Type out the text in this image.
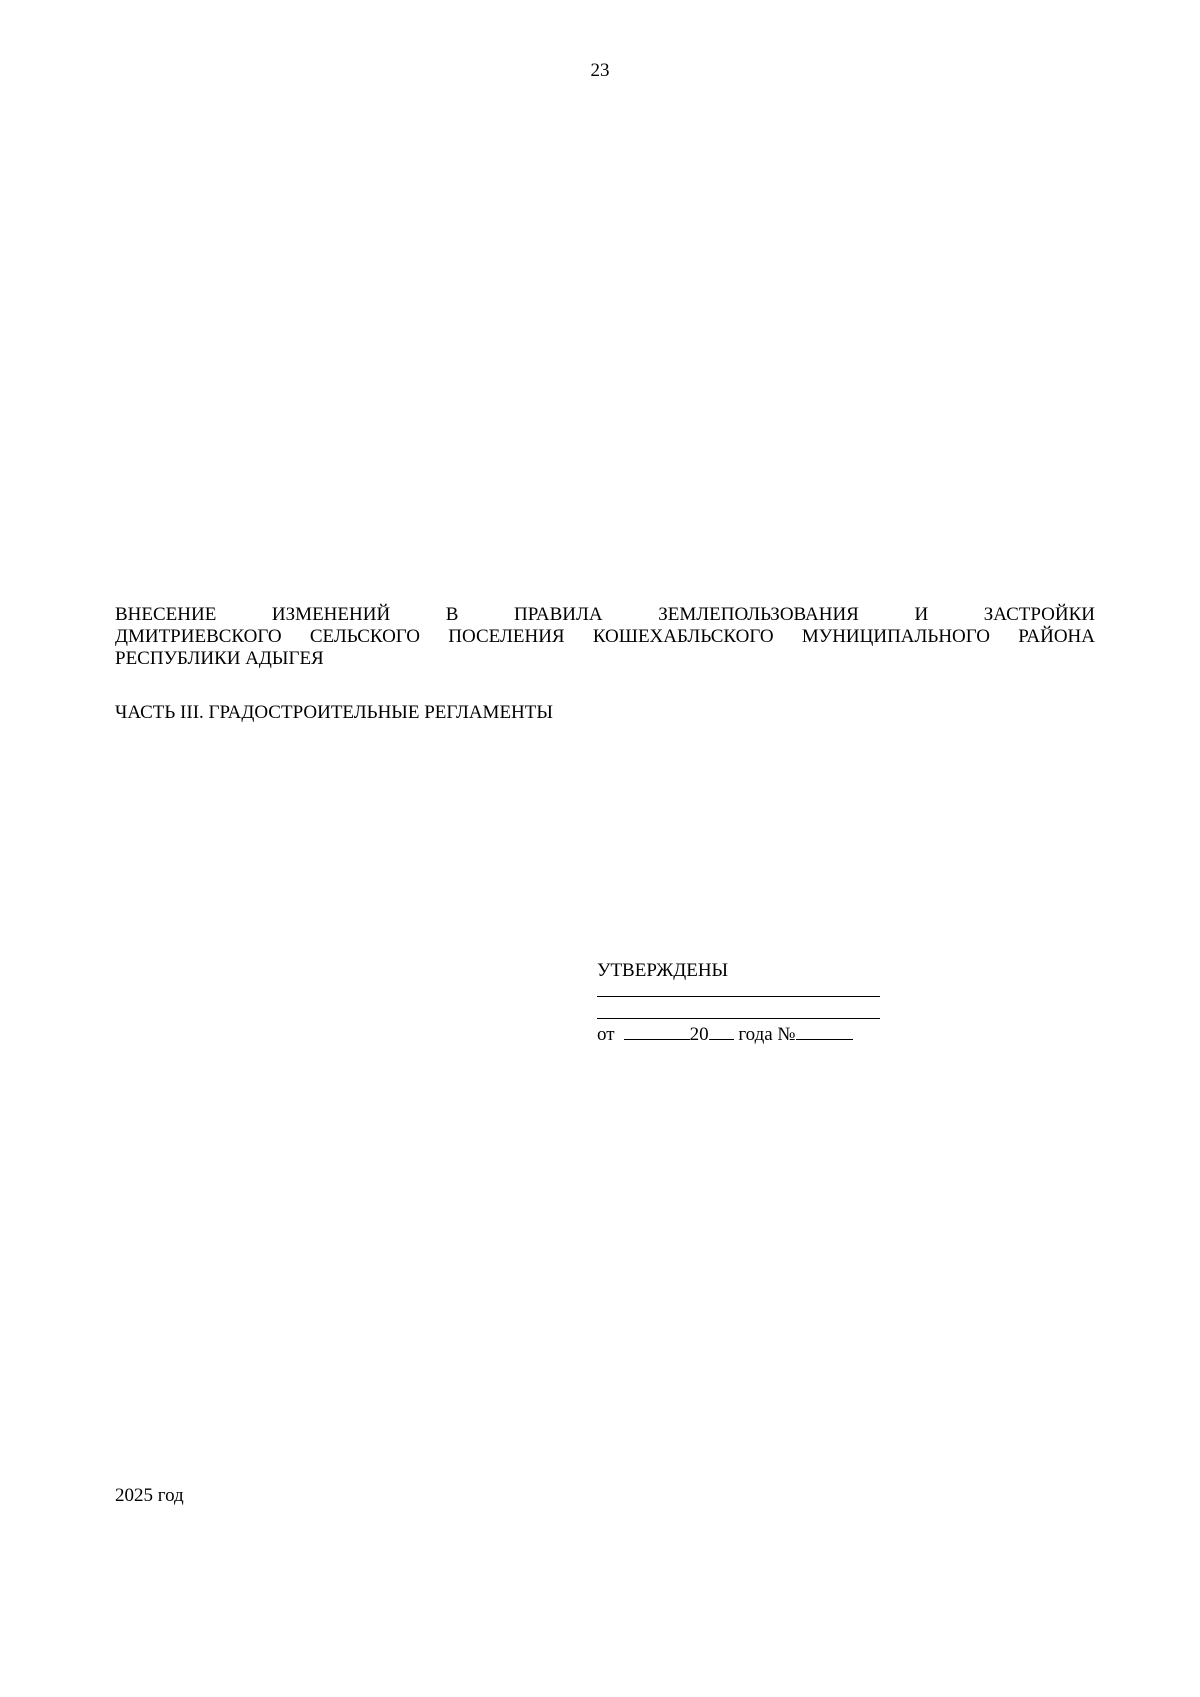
23
ВНЕСЕНИЕ ИЗМЕНЕНИЙ В ПРАВИЛА ЗЕМЛЕПОЛЬЗОВАНИЯ И ЗАСТРОЙКИ
ДМИТРИЕВСКОГО СЕЛЬСКОГО ПОСЕЛЕНИЯ КОШЕХАБЛЬСКОГО МУНИЦИПАЛЬНОГО РАЙОНА
РЕСПУБЛИКИ АДЫГЕЯ
ЧАСТЬ III. ГРАДОСТРОИТЕЛЬНЫЕ РЕГЛАМЕНТЫ
УТВЕРЖДЕНЫ
от	20 года №
2025 год
